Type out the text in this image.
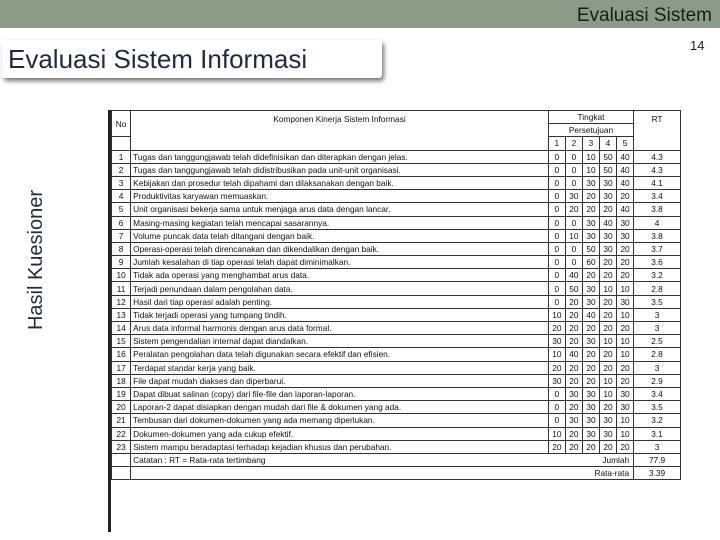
Evaluasi Sistem
Evaluasi Sistem Informasi	14
Hasil Kuesioner
No	Komponen Kinerja Sistem Informasi	Tingkat					RT
		Persetujuan					
		1	2	3	4	5	
1	Tugas dan tanggungjawab telah didefinisikan dan diterapkan dengan jelas.	0	0	10	50	40	4.3
2	Tugas dan tanggungjawab telah didistribusikan pada unit-unit organisasi.	0	0	10	50	40	4.3
3	Kebijakan dan prosedur telah dipahami dan dilaksanakan dengan baik.	0	0	30	30	40	4.1
4	Produktivitas karyawan memuaskan.	0	30	20	30	20	3.4
5	Unit organisasi bekerja sama untuk menjaga arus data dengan lancar.	0	20	20	20	40	3.8
6	Masing-masing kegiatan telah mencapai sasarannya.	0	0	30	40	30	4
7	Volume puncak data telah ditangani dengan baik.	0	10	30	30	30	3.8
8	Operasi-operasi telah direncanakan dan dikendalikan dengan baik.	0	0	50	30	20	3.7
9	Jumlah kesalahan di tiap operasi telah dapat diminimalkan.	0	0	60	20	20	3.6
10	Tidak ada operasi yang menghambat arus data.	0	40	20	20	20	3.2
11	Terjadi penundaan dalam pengolahan data.	0	50	30	10	10	2.8
12	Hasil dari tiap operasi adalah penting.	0	20	30	20	30	3.5
13	Tidak terjadi operasi yang tumpang tindih.	10	20	40	20	10	3
14	Arus data informal harmonis dengan arus data formal.	20	20	20	20	20	3
15	Sistem pengendalian internal dapat diandalkan.	30	20	30	10	10	2.5
16	Peralatan pengolahan data telah digunakan secara efektif dan efisien.	10	40	20	20	10	2.8
17	Terdapat standar kerja yang baik.	20	20	20	20	20	3
18	File dapat mudah diakses dan diperbarui.	30	20	20	10	20	2.9
19	Dapat dibuat salinan (copy) dari file-file dan laporan-laporan.	0	30	30	10	30	3.4
20	Laporan-2 dapat disiapkan dengan mudah dari file & dokumen yang ada.	0	20	30	20	30	3.5
21	Tembusan dari dokumen-dokumen yang ada memang diperlukan.	0	30	30	30	10	3.2
22	Dokumen-dokumen yang ada cukup efektif.	10	20	30	30	10	3.1
23	Sistem mampu beradaptasi terhadap kejadian khusus dan perubahan.	20	20	20	20	20	3
	Catatan : RT = Rata-rata tertimbang Jumlah						77.9
	Rata-rata						3.39
